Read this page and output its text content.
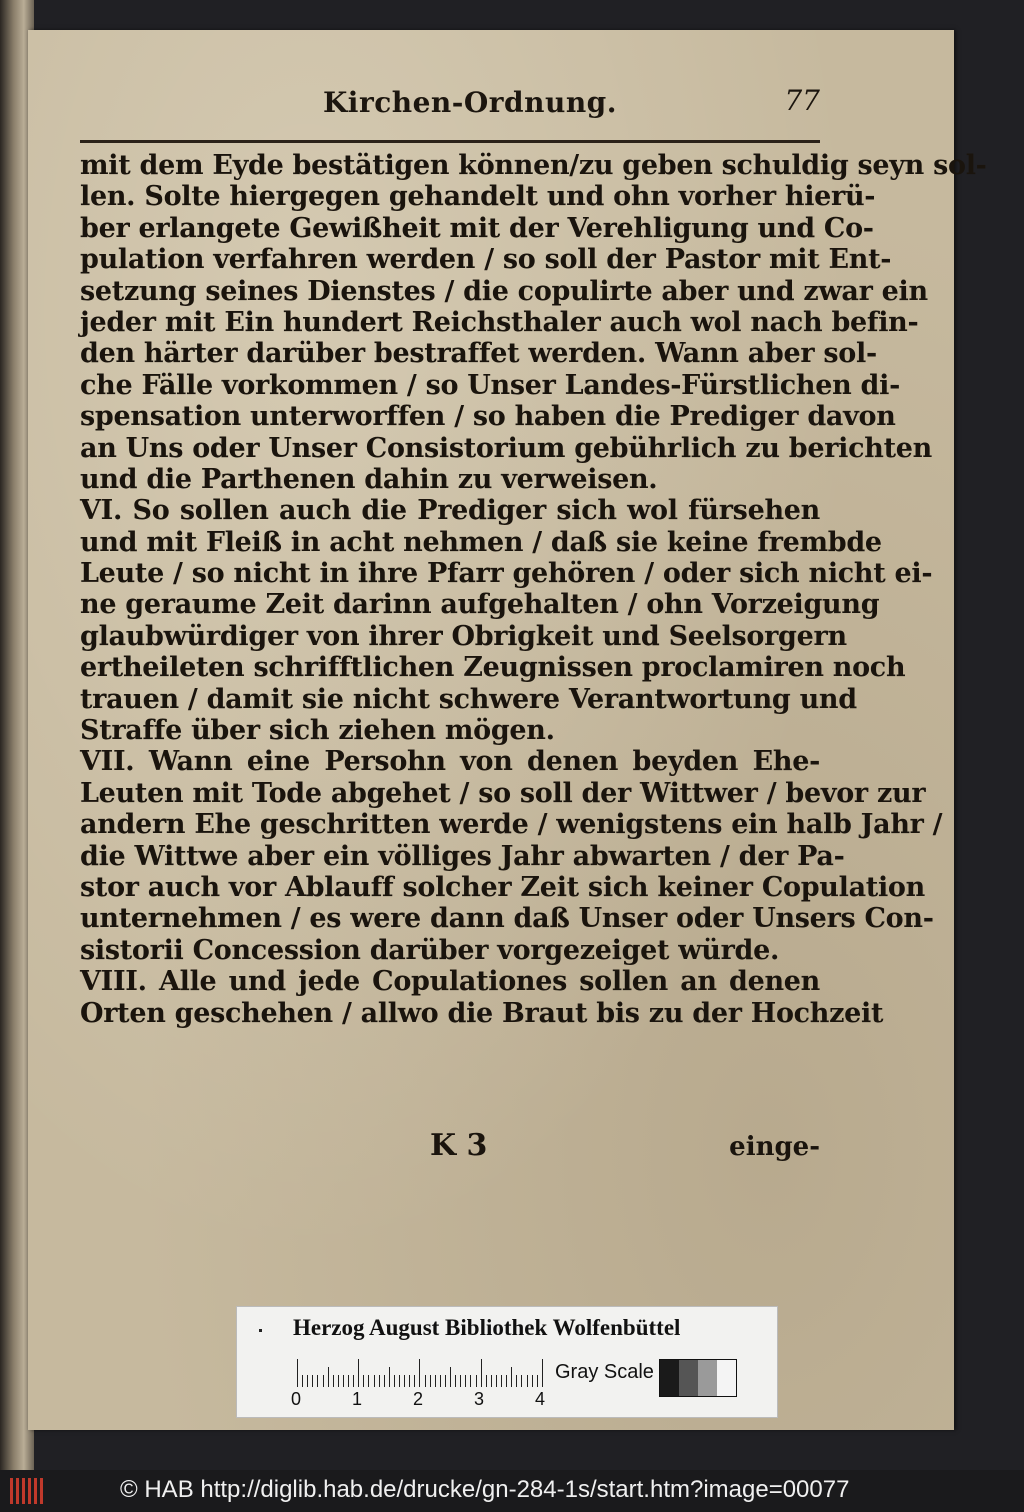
Kirchen-Ordnung.	77
mit dem Eyde bestätigen können/zu geben schuldig seyn sol-
len. Solte hiergegen gehandelt und ohn vorher hierü-
ber erlangete Gewißheit mit der Verehligung und Co-
pulation verfahren werden / so soll der Pastor mit Ent-
setzung seines Dienstes / die copulirte aber und zwar ein
jeder mit Ein hundert Reichsthaler auch wol nach befin-
den härter darüber bestraffet werden. Wann aber sol-
che Fälle vorkommen / so Unser Landes-Fürstlichen di-
spensation unterworffen / so haben die Prediger davon
an Uns oder Unser Consistorium gebührlich zu berichten
und die Parthenen dahin zu verweisen.
VI. So sollen auch die Prediger sich wol fürsehen
und mit Fleiß in acht nehmen / daß sie keine frembde
Leute / so nicht in ihre Pfarr gehören / oder sich nicht ei-
ne geraume Zeit darinn aufgehalten / ohn Vorzeigung
glaubwürdiger von ihrer Obrigkeit und Seelsorgern
ertheileten schrifftlichen Zeugnissen proclamiren noch
trauen / damit sie nicht schwere Verantwortung und
Straffe über sich ziehen mögen.
VII. Wann eine Persohn von denen beyden Ehe-
Leuten mit Tode abgehet / so soll der Wittwer / bevor zur
andern Ehe geschritten werde / wenigstens ein halb Jahr /
die Wittwe aber ein völliges Jahr abwarten / der Pa-
stor auch vor Ablauff solcher Zeit sich keiner Copulation
unternehmen / es were dann daß Unser oder Unsers Con-
sistorii Concession darüber vorgezeiget würde.
VIII. Alle und jede Copulationes sollen an denen
Orten geschehen / allwo die Braut bis zu der Hochzeit
K 3	einge-
Herzog August Bibliothek Wolfenbüttel
0	1	2	3	4
Gray Scale
© HAB http://diglib.hab.de/drucke/gn-284-1s/start.htm?image=00077
